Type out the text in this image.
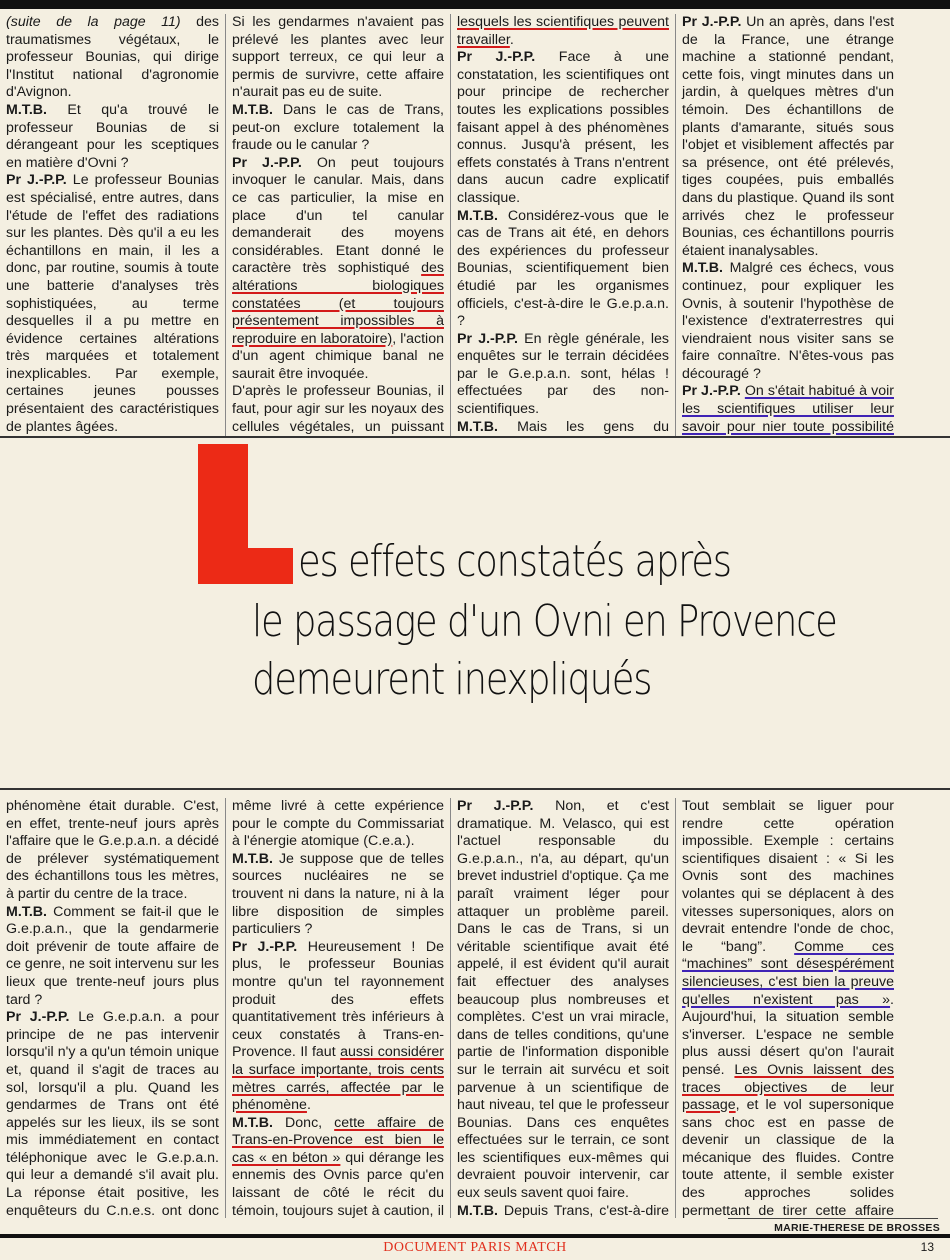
(suite de la page 11) des traumatismes végétaux, le professeur Bounias, qui dirige l'Institut national d'agronomie d'Avignon.

M.T.B. Et qu'a trouvé le professeur Bounias de si dérangeant pour les sceptiques en matière d'Ovni ?

Pr J.-P.P. Le professeur Bounias est spécialisé, entre autres, dans l'étude de l'effet des radiations sur les plantes. Dès qu'il a eu les échantillons en main, il les a donc, par routine, soumis à toute une batterie d'analyses très sophistiquées, au terme desquelles il a pu mettre en évidence certaines altérations très marquées et totalement inexplicables. Par exemple, certaines jeunes pousses présentaient des caractéristiques de plantes âgées.

Si les gendarmes n'avaient pas prélevé les plantes avec leur support terreux, ce qui leur a permis de survivre, cette affaire n'aurait pas eu de suite.

M.T.B. Dans le cas de Trans, peut-on exclure totalement la fraude ou le canular ?

Pr J.-P.P. On peut toujours invoquer le canular. Mais, dans ce cas particulier, la mise en place d'un tel canular demanderait des moyens considérables. Etant donné le caractère très sophistiqué des altérations biologiques constatées (et toujours présentement impossibles à reproduire en laboratoire), l'action d'un agent chimique banal ne saurait être invoquée.

D'après le professeur Bounias, il faut, pour agir sur les noyaux des cellules végétales, un puissant

lesquels les scientifiques peuvent travailler.

Pr J.-P.P. Face à une constatation, les scientifiques ont pour principe de rechercher toutes les explications possibles faisant appel à des phénomènes connus. Jusqu'à présent, les effets constatés à Trans n'entrent dans aucun cadre explicatif classique.

M.T.B. Considérez-vous que le cas de Trans ait été, en dehors des expériences du professeur Bounias, scientifiquement bien étudié par les organismes officiels, c'est-à-dire le G.e.p.a.n. ?

Pr J.-P.P. En règle générale, les enquêtes sur le terrain décidées par le G.e.p.a.n. sont, hélas ! effectuées par des non-scientifiques.

M.T.B. Mais les gens du

Pr J.-P.P. Un an après, dans l'est de la France, une étrange machine a stationné pendant, cette fois, vingt minutes dans un jardin, à quelques mètres d'un témoin. Des échantillons de plants d'amarante, situés sous l'objet et visiblement affectés par sa présence, ont été prélevés, tiges coupées, puis emballés dans du plastique. Quand ils sont arrivés chez le professeur Bounias, ces échantillons pourris étaient inanalysables.

M.T.B. Malgré ces échecs, vous continuez, pour expliquer les Ovnis, à soutenir l'hypothèse de l'existence d'extraterrestres qui viendraient nous visiter sans se faire connaître. N'êtes-vous pas découragé ?

Pr J.-P.P. On s'était habitué à voir les scientifiques utiliser leur savoir pour nier toute possibilité

es effets constatés après
le passage d'un Ovni en Provence
demeurent inexpliqués

phénomène était durable. C'est, en effet, trente-neuf jours après l'affaire que le G.e.p.a.n. a décidé de prélever systématiquement des échantillons tous les mètres, à partir du centre de la trace.

M.T.B. Comment se fait-il que le G.e.p.a.n., que la gendarmerie doit prévenir de toute affaire de ce genre, ne soit intervenu sur les lieux que trente-neuf jours plus tard ?

Pr J.-P.P. Le G.e.p.a.n. a pour principe de ne pas intervenir lorsqu'il n'y a qu'un témoin unique et, quand il s'agit de traces au sol, lorsqu'il a plu. Quand les gendarmes de Trans ont été appelés sur les lieux, ils se sont mis immédiatement en contact téléphonique avec le G.e.p.a.n. qui leur a demandé s'il avait plu. La réponse était positive, les enquêteurs du C.n.e.s. ont donc

même livré à cette expérience pour le compte du Commissariat à l'énergie atomique (C.e.a.).

M.T.B. Je suppose que de telles sources nucléaires ne se trouvent ni dans la nature, ni à la libre disposition de simples particuliers ?

Pr J.-P.P. Heureusement ! De plus, le professeur Bounias montre qu'un tel rayonnement produit des effets quantitativement très inférieurs à ceux constatés à Trans-en-Provence. Il faut aussi considérer la surface importante, trois cents mètres carrés, affectée par le phénomène.

M.T.B. Donc, cette affaire de Trans-en-Provence est bien le cas « en béton » qui dérange les ennemis des Ovnis parce qu'en laissant de côté le récit du témoin, toujours sujet à caution, il

Pr J.-P.P. Non, et c'est dramatique. M. Velasco, qui est l'actuel responsable du G.e.p.a.n., n'a, au départ, qu'un brevet industriel d'optique. Ça me paraît vraiment léger pour attaquer un problème pareil. Dans le cas de Trans, si un véritable scientifique avait été appelé, il est évident qu'il aurait fait effectuer des analyses beaucoup plus nombreuses et complètes. C'est un vrai miracle, dans de telles conditions, qu'une partie de l'information disponible sur le terrain ait survécu et soit parvenue à un scientifique de haut niveau, tel que le professeur Bounias. Dans ces enquêtes effectuées sur le terrain, ce sont les scientifiques eux-mêmes qui devraient pouvoir intervenir, car eux seuls savent quoi faire.

M.T.B. Depuis Trans, c'est-à-dire

Tout semblait se liguer pour rendre cette opération impossible. Exemple : certains scientifiques disaient : « Si les Ovnis sont des machines volantes qui se déplacent à des vitesses supersoniques, alors on devrait entendre l'onde de choc, le “bang”. Comme ces “machines” sont désespérément silencieuses, c'est bien la preuve qu'elles n'existent pas ». Aujourd'hui, la situation semble s'inverser. L'espace ne semble plus aussi désert qu'on l'aurait pensé. Les Ovnis laissent des traces objectives de leur passage, et le vol supersonique sans choc est en passe de devenir un classique de la mécanique des fluides. Contre toute attente, il semble exister des approches solides permettant de tirer cette affaire

MARIE-THERESE DE BROSSES
DOCUMENT PARIS MATCH	13
